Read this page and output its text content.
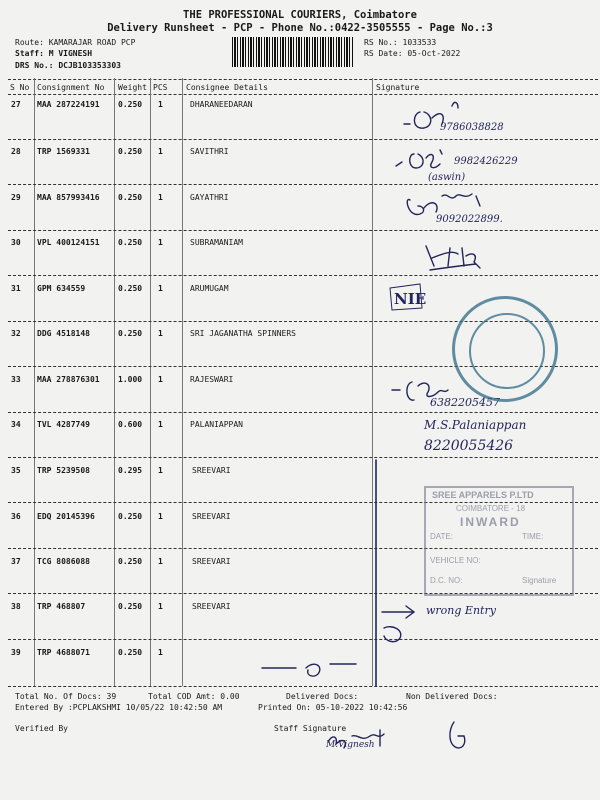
THE PROFESSIONAL COURIERS, Coimbatore
Delivery Runsheet - PCP - Phone No.:0422-3505555 - Page No.:3
Route: KAMARAJAR ROAD PCP
Staff: M VIGNESH
DRS No.: DCJB103353303
RS No.: 1033533
RS Date: 05-Oct-2022
S No Consignment No Weight PCS Consignee Details	Signature
27 MAA 287224191 0.250 1	DHARANEEDARAN
28 TRP 1569331	0.250 1	SAVITHRI
29 MAA 857993416 0.250 1	GAYATHRI
30 VPL 400124151 0.250 1	SUBRAMANIAM
31 GPM 634559	0.250 1	ARUMUGAM
32 DDG 4518148	0.250 1	SRI JAGANATHA SPINNERS
33 MAA 278876301 1.000 1	RAJESWARI
34 TVL 4287749	0.600 1	PALANIAPPAN
35 TRP 5239508	0.295 1	SREEVARI
36 EDQ 20145396	0.250 1	SREEVARI
37 TCG 8086088	0.250 1	SREEVARI
38 TRP 468807	0.250 1	SREEVARI
39 TRP 4688071	0.250 1
9786038828
9982426229
(aswin)
9092022899.
NIE
6382205457
M.S.Palaniappan
8220055426
wrong Entry
SREE APPARELS P.LTD
COIMBATORE - 18
INWARD
DATE:	TIME:
VEHICLE NO:
D.C. NO:	Signature
Total No. Of Docs: 39	Total COD Amt: 0.00	Delivered Docs:	Non Delivered Docs:
Entered By :PCPLAKSHMI 10/05/22 10:42:50 AM	Printed On: 05-10-2022 10:42:56
Verified By	Staff Signature
M.Vignesh
